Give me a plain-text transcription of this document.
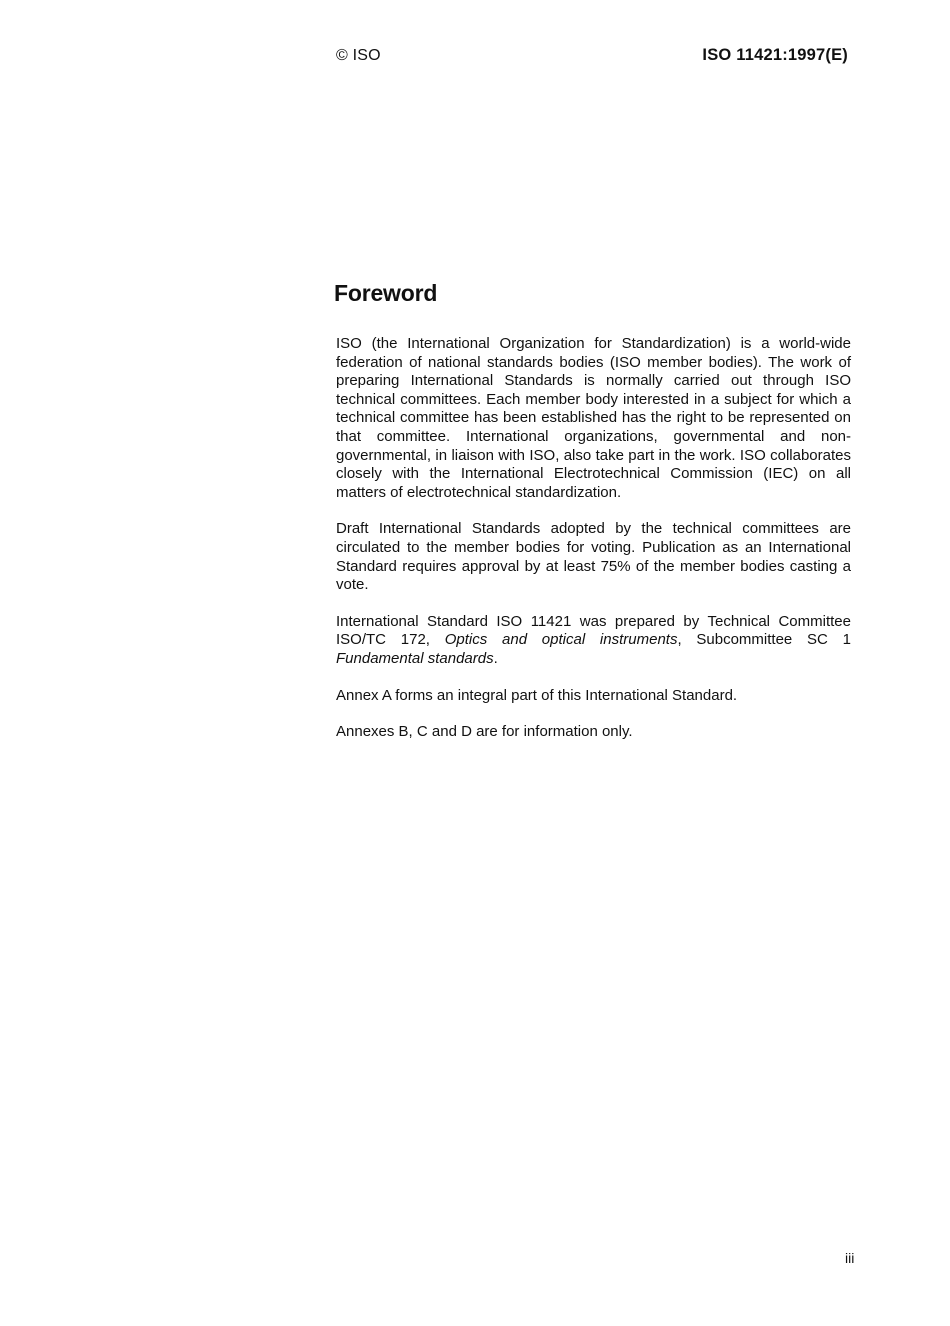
© ISO	ISO 11421:1997(E)
Foreword

ISO (the International Organization for Standardization) is a world-wide federation of national standards bodies (ISO member bodies). The work of preparing International Standards is normally carried out through ISO technical committees. Each member body interested in a subject for which a technical committee has been established has the right to be represented on that committee. International organizations, governmental and non-governmental, in liaison with ISO, also take part in the work. ISO collaborates closely with the International Electrotechnical Commission (IEC) on all matters of electrotechnical standardization.

Draft International Standards adopted by the technical committees are circulated to the member bodies for voting. Publication as an International Standard requires approval by at least 75% of the member bodies casting a vote.

International Standard ISO 11421 was prepared by Technical Committee ISO/TC 172, Optics and optical instruments, Subcommittee SC 1 Fundamental standards.

Annex A forms an integral part of this International Standard.

Annexes B, C and D are for information only.

iii
